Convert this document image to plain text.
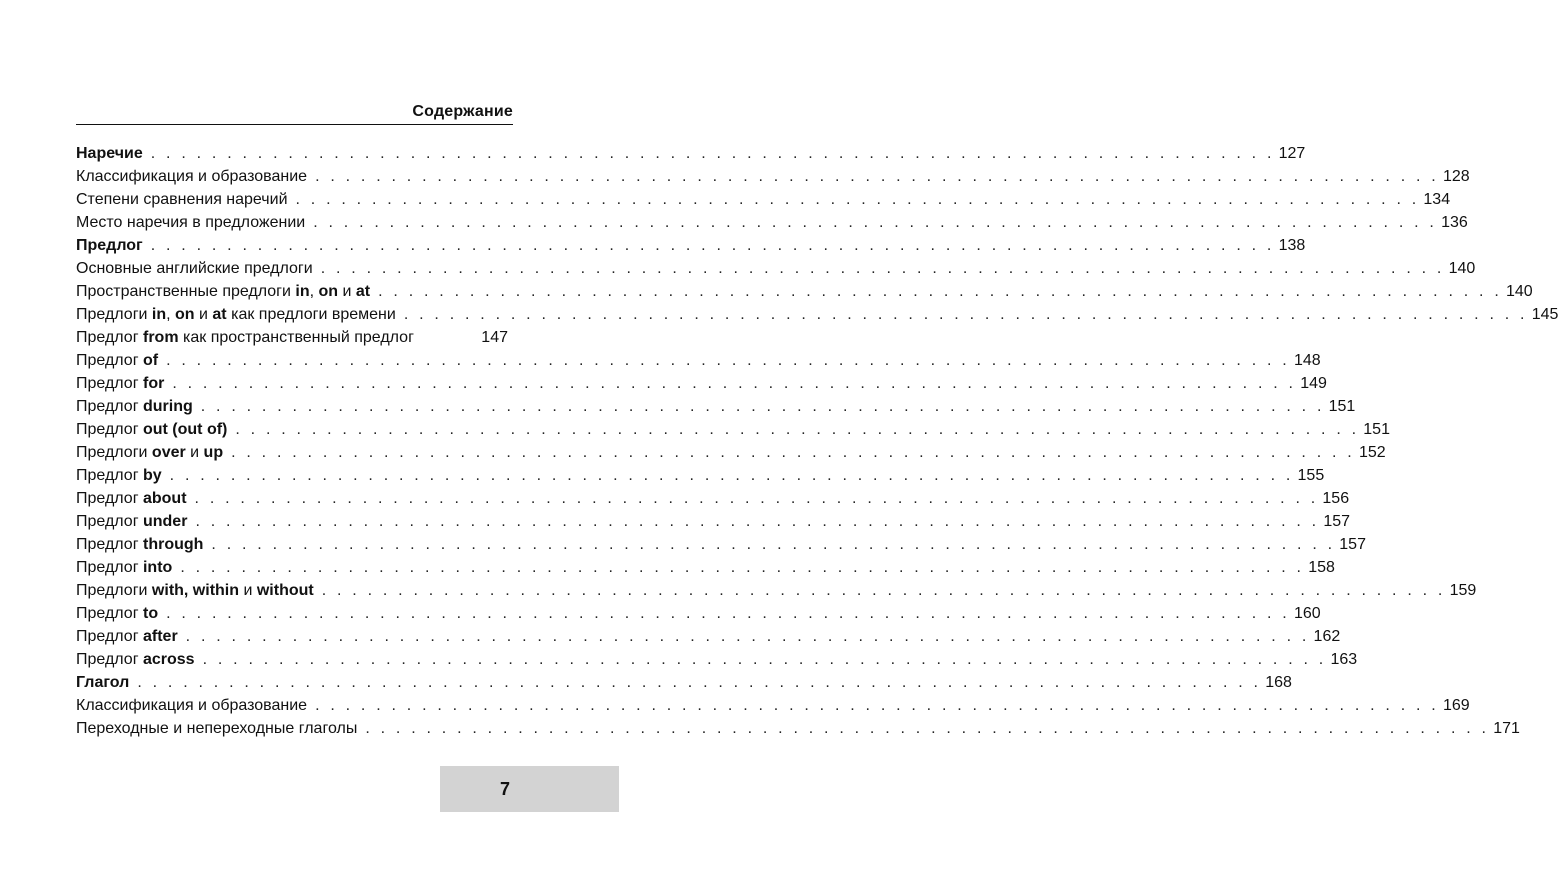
Содержание
Наречие . . . . . . . . . . . . . . . . . . . . . . . . . . . . . . . . . . . . . . . . . . . . . . . . . . . . . . . . . . . . . . . . . . . . . . . . . . 127
Классификация и образование . . . . . . . . . . . . . . . . . . . . . . . . . . . . . . . . . . . . . . . . . . . . . . . . . . . . . . . . . . . . . . . . . . . . . . . . . . 128
Степени сравнения наречий . . . . . . . . . . . . . . . . . . . . . . . . . . . . . . . . . . . . . . . . . . . . . . . . . . . . . . . . . . . . . . . . . . . . . . . . . . 134
Место наречия в предложении . . . . . . . . . . . . . . . . . . . . . . . . . . . . . . . . . . . . . . . . . . . . . . . . . . . . . . . . . . . . . . . . . . . . . . . . . . 136
Предлог . . . . . . . . . . . . . . . . . . . . . . . . . . . . . . . . . . . . . . . . . . . . . . . . . . . . . . . . . . . . . . . . . . . . . . . . . . 138
Основные английские предлоги . . . . . . . . . . . . . . . . . . . . . . . . . . . . . . . . . . . . . . . . . . . . . . . . . . . . . . . . . . . . . . . . . . . . . . . . . . 140
Пространственные предлоги in, on и at . . . . . . . . . . . . . . . . . . . . . . . . . . . . . . . . . . . . . . . . . . . . . . . . . . . . . . . . . . . . . . . . . . . . . . . . . . 140
Предлоги in, on и at как предлоги времени . . . . . . . . . . . . . . . . . . . . . . . . . . . . . . . . . . . . . . . . . . . . . . . . . . . . . . . . . . . . . . . . . . . . . . . . . . 145
Предлог from как пространственный предлог	147
Предлог of . . . . . . . . . . . . . . . . . . . . . . . . . . . . . . . . . . . . . . . . . . . . . . . . . . . . . . . . . . . . . . . . . . . . . . . . . . 148
Предлог for . . . . . . . . . . . . . . . . . . . . . . . . . . . . . . . . . . . . . . . . . . . . . . . . . . . . . . . . . . . . . . . . . . . . . . . . . . 149
Предлог during . . . . . . . . . . . . . . . . . . . . . . . . . . . . . . . . . . . . . . . . . . . . . . . . . . . . . . . . . . . . . . . . . . . . . . . . . . 151
Предлог out (out of) . . . . . . . . . . . . . . . . . . . . . . . . . . . . . . . . . . . . . . . . . . . . . . . . . . . . . . . . . . . . . . . . . . . . . . . . . . 151
Предлоги over и up . . . . . . . . . . . . . . . . . . . . . . . . . . . . . . . . . . . . . . . . . . . . . . . . . . . . . . . . . . . . . . . . . . . . . . . . . . 152
Предлог by . . . . . . . . . . . . . . . . . . . . . . . . . . . . . . . . . . . . . . . . . . . . . . . . . . . . . . . . . . . . . . . . . . . . . . . . . . 155
Предлог about . . . . . . . . . . . . . . . . . . . . . . . . . . . . . . . . . . . . . . . . . . . . . . . . . . . . . . . . . . . . . . . . . . . . . . . . . . 156
Предлог under . . . . . . . . . . . . . . . . . . . . . . . . . . . . . . . . . . . . . . . . . . . . . . . . . . . . . . . . . . . . . . . . . . . . . . . . . . 157
Предлог through . . . . . . . . . . . . . . . . . . . . . . . . . . . . . . . . . . . . . . . . . . . . . . . . . . . . . . . . . . . . . . . . . . . . . . . . . . 157
Предлог into . . . . . . . . . . . . . . . . . . . . . . . . . . . . . . . . . . . . . . . . . . . . . . . . . . . . . . . . . . . . . . . . . . . . . . . . . . 158
Предлоги with, within и without . . . . . . . . . . . . . . . . . . . . . . . . . . . . . . . . . . . . . . . . . . . . . . . . . . . . . . . . . . . . . . . . . . . . . . . . . . 159
Предлог to . . . . . . . . . . . . . . . . . . . . . . . . . . . . . . . . . . . . . . . . . . . . . . . . . . . . . . . . . . . . . . . . . . . . . . . . . . 160
Предлог after . . . . . . . . . . . . . . . . . . . . . . . . . . . . . . . . . . . . . . . . . . . . . . . . . . . . . . . . . . . . . . . . . . . . . . . . . . 162
Предлог across . . . . . . . . . . . . . . . . . . . . . . . . . . . . . . . . . . . . . . . . . . . . . . . . . . . . . . . . . . . . . . . . . . . . . . . . . . 163
Глагол . . . . . . . . . . . . . . . . . . . . . . . . . . . . . . . . . . . . . . . . . . . . . . . . . . . . . . . . . . . . . . . . . . . . . . . . . . 168
Классификация и образование . . . . . . . . . . . . . . . . . . . . . . . . . . . . . . . . . . . . . . . . . . . . . . . . . . . . . . . . . . . . . . . . . . . . . . . . . . 169
Переходные и непереходные глаголы . . . . . . . . . . . . . . . . . . . . . . . . . . . . . . . . . . . . . . . . . . . . . . . . . . . . . . . . . . . . . . . . . . . . . . . . . . 171
7
